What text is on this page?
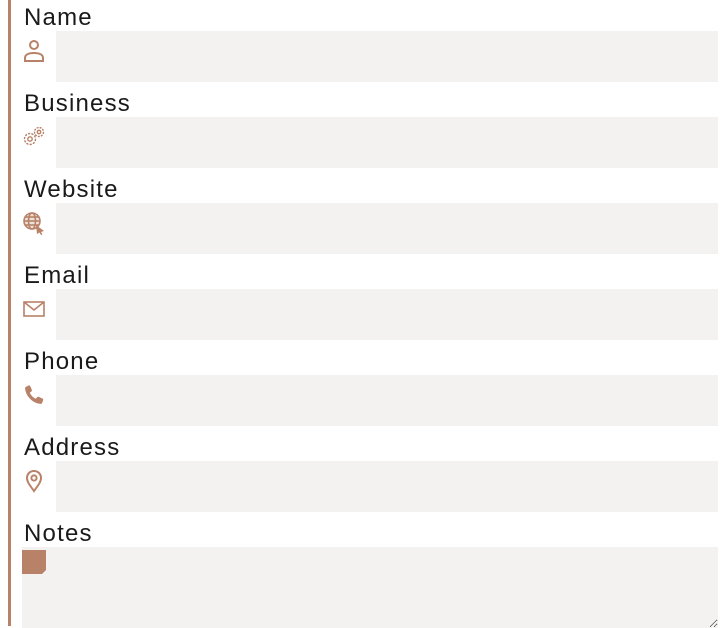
Name
Business
Website
Email
Phone
Address
Notes
